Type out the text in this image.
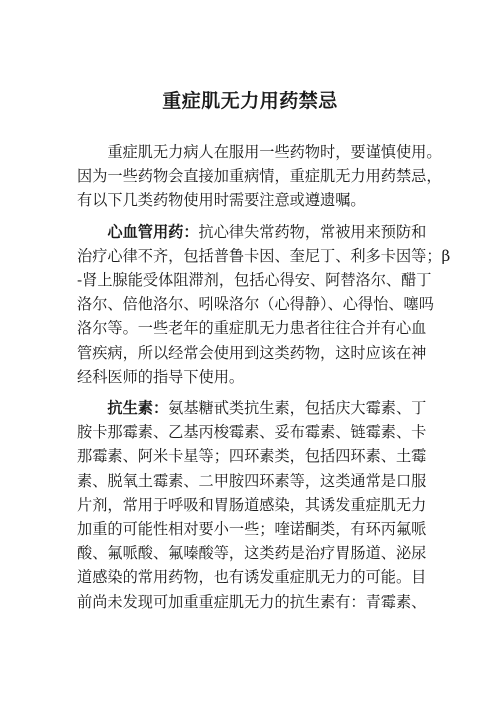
重症肌无力用药禁忌
　　重症肌无力病人在服用一些药物时，要谨慎使用。
因为一些药物会直接加重病情，重症肌无力用药禁忌，
有以下几类药物使用时需要注意或遵遗嘱。
　　心血管用药：抗心律失常药物，常被用来预防和
治疗心律不齐，包括普鲁卡因、奎尼丁、利多卡因等；β
-肾上腺能受体阻滞剂，包括心得安、阿替洛尔、醋丁
洛尔、倍他洛尔、吲哚洛尔（心得静）、心得怡、噻吗
洛尔等。一些老年的重症肌无力患者往往合并有心血
管疾病，所以经常会使用到这类药物，这时应该在神
经科医师的指导下使用。
　　抗生素：氨基糖甙类抗生素，包括庆大霉素、丁
胺卡那霉素、乙基丙梭霉素、妥布霉素、链霉素、卡
那霉素、阿米卡星等；四环素类，包括四环素、土霉
素、脱氧土霉素、二甲胺四环素等，这类通常是口服
片剂，常用于呼吸和胃肠道感染，其诱发重症肌无力
加重的可能性相对要小一些；喹诺酮类，有环丙氟哌
酸、氟哌酸、氟嗪酸等，这类药是治疗胃肠道、泌尿
道感染的常用药物，也有诱发重症肌无力的可能。目
前尚未发现可加重重症肌无力的抗生素有：青霉素、
